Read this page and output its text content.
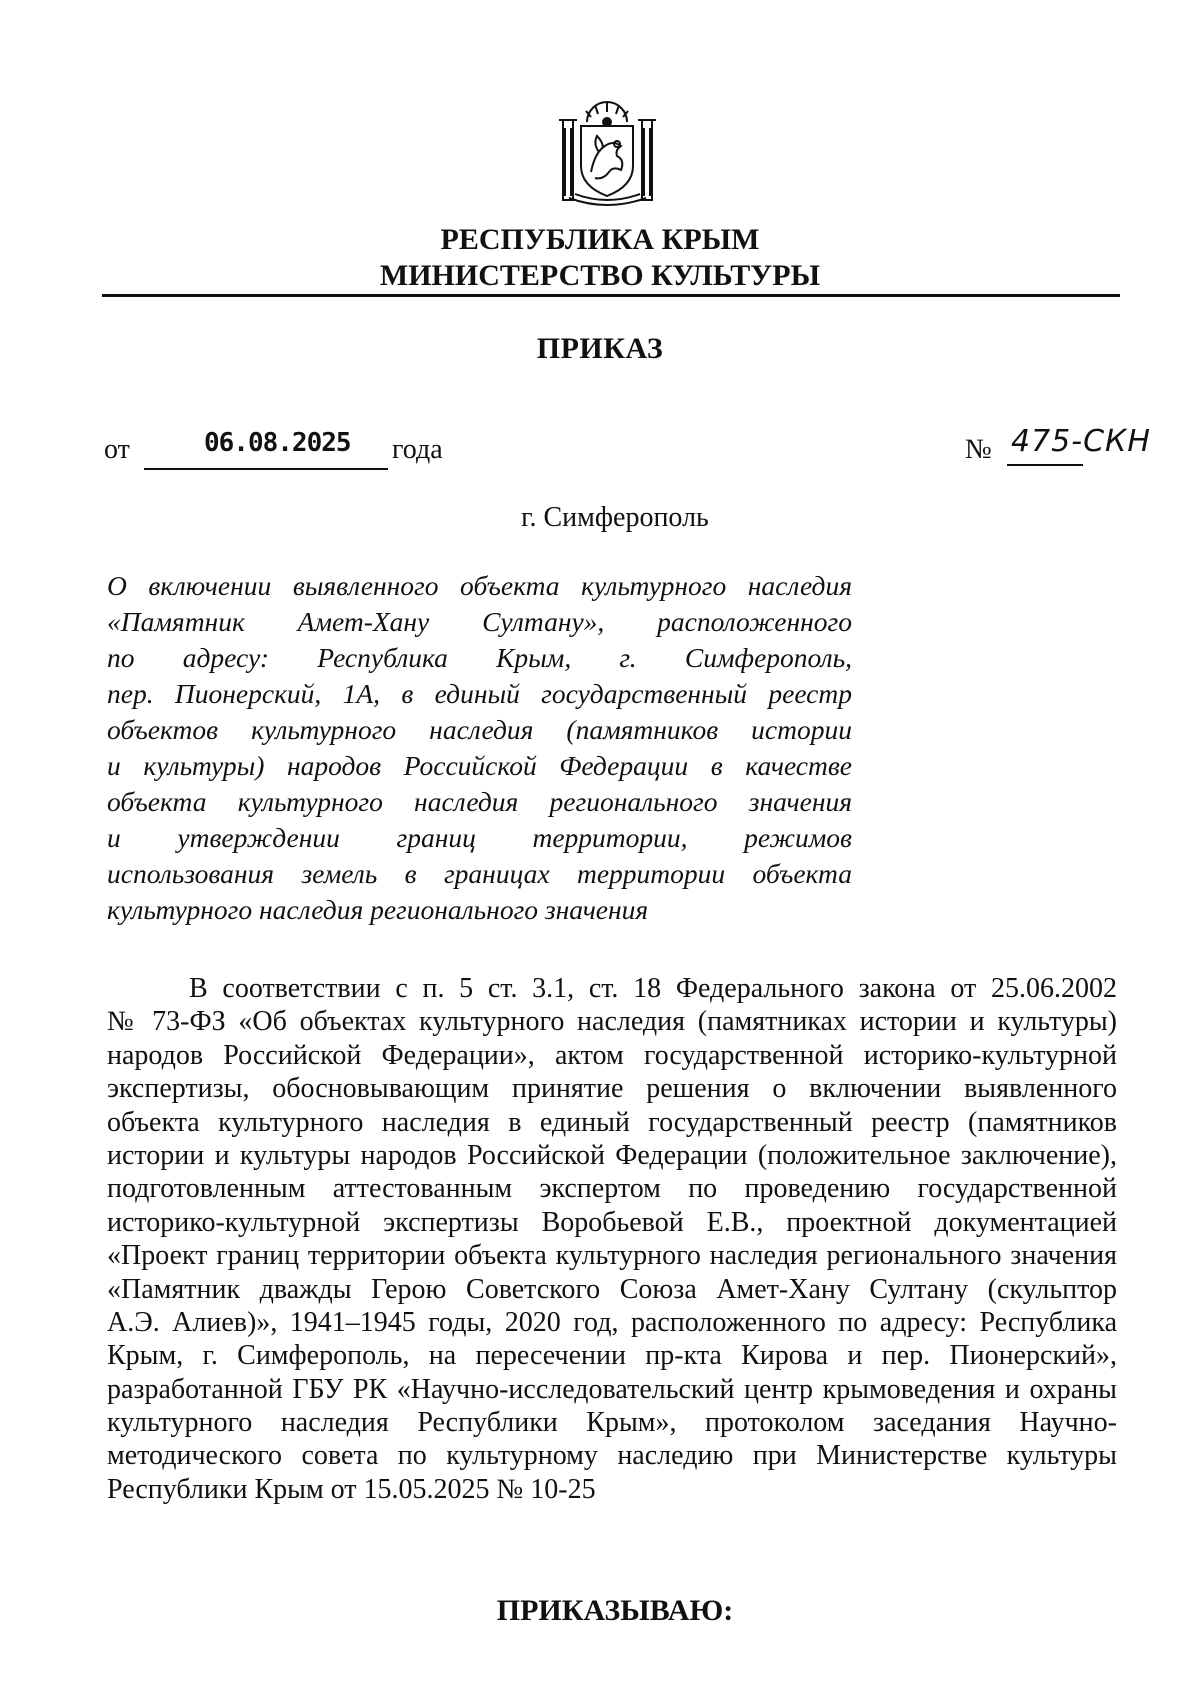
РЕСПУБЛИКА КРЫМ
МИНИСТЕРСТВО КУЛЬТУРЫ
ПРИКАЗ
от	06.08.2025 года	№ 475-СКН
г. Симферополь
О включении выявленного объекта культурного наследия
«Памятник Амет-Хану Султану», расположенного
по адресу: Республика Крым, г. Симферополь,
пер. Пионерский, 1А, в единый государственный реестр
объектов культурного наследия (памятников истории
и культуры) народов Российской Федерации в качестве
объекта культурного наследия регионального значения
и утверждении границ территории, режимов
использования земель в границах территории объекта
культурного наследия регионального значения
В соответствии с п. 5 ст. 3.1, ст. 18 Федерального закона от 25.06.2002
№ 73-ФЗ «Об объектах культурного наследия (памятниках истории и культуры)
народов Российской Федерации», актом государственной историко-культурной
экспертизы, обосновывающим принятие решения о включении выявленного
объекта культурного наследия в единый государственный реестр (памятников
истории и культуры народов Российской Федерации (положительное заключение),
подготовленным аттестованным экспертом по проведению государственной
историко-культурной экспертизы Воробьевой Е.В., проектной документацией
«Проект границ территории объекта культурного наследия регионального значения
«Памятник дважды Герою Советского Союза Амет-Хану Султану (скульптор
А.Э. Алиев)», 1941–1945 годы, 2020 год, расположенного по адресу: Республика
Крым, г. Симферополь, на пересечении пр-кта Кирова и пер. Пионерский»,
разработанной ГБУ РК «Научно-исследовательский центр крымоведения и охраны
культурного наследия Республики Крым», протоколом заседания Научно-
методического совета по культурному наследию при Министерстве культуры
Республики Крым от 15.05.2025 № 10-25
ПРИКАЗЫВАЮ:
